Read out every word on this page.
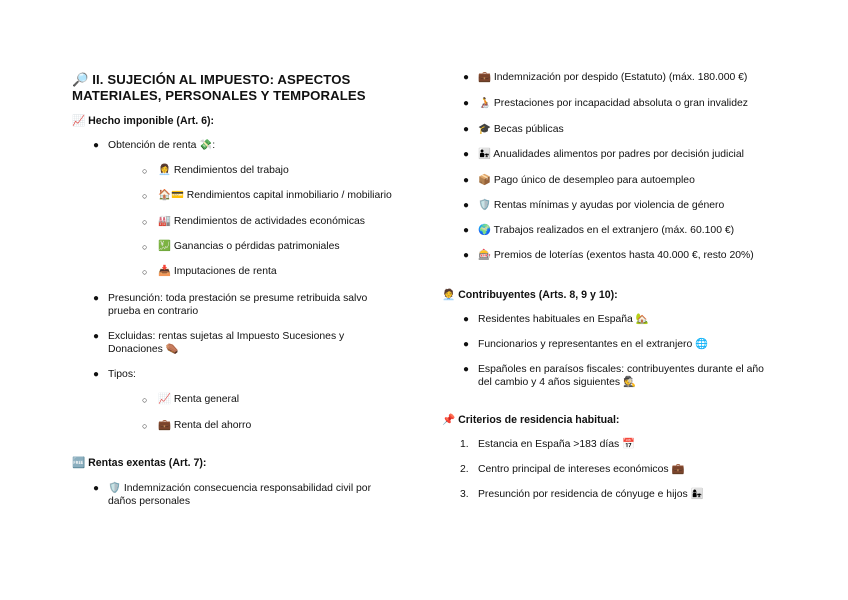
🔎 II. SUJECIÓN AL IMPUESTO: ASPECTOS MATERIALES, PERSONALES Y TEMPORALES

📈 Hecho imponible (Art. 6):

● Obtención de renta 💸:

○ 👩‍💼 Rendimientos del trabajo

○ 🏠💳 Rendimientos capital inmobiliario / mobiliario

○ 🏭 Rendimientos de actividades económicas

○ 💹 Ganancias o pérdidas patrimoniales

○ 📥 Imputaciones de renta

● Presunción: toda prestación se presume retribuida salvo prueba en contrario

● Excluidas: rentas sujetas al Impuesto Sucesiones y Donaciones ⚰️

● Tipos:

○ 📈 Renta general

○ 💼 Renta del ahorro

🆓 Rentas exentas (Art. 7):

● 🛡️ Indemnización consecuencia responsabilidad civil por daños personales

● 💼 Indemnización por despido (Estatuto) (máx. 180.000 €)

● 🧑‍🦽 Prestaciones por incapacidad absoluta o gran invalidez

● 🎓 Becas públicas

● 👨‍👧 Anualidades alimentos por padres por decisión judicial

● 📦 Pago único de desempleo para autoempleo

● 🛡️ Rentas mínimas y ayudas por violencia de género

● 🌍 Trabajos realizados en el extranjero (máx. 60.100 €)

● 🎰 Premios de loterías (exentos hasta 40.000 €, resto 20%)

🧑‍💼 Contribuyentes (Arts. 8, 9 y 10):

● Residentes habituales en España 🏡

● Funcionarios y representantes en el extranjero 🌐

● Españoles en paraísos fiscales: contribuyentes durante el año del cambio y 4 años siguientes 🕵️

📌 Criterios de residencia habitual:

1. Estancia en España >183 días 📅

2. Centro principal de intereses económicos 💼

3. Presunción por residencia de cónyuge e hijos 👩‍👧
